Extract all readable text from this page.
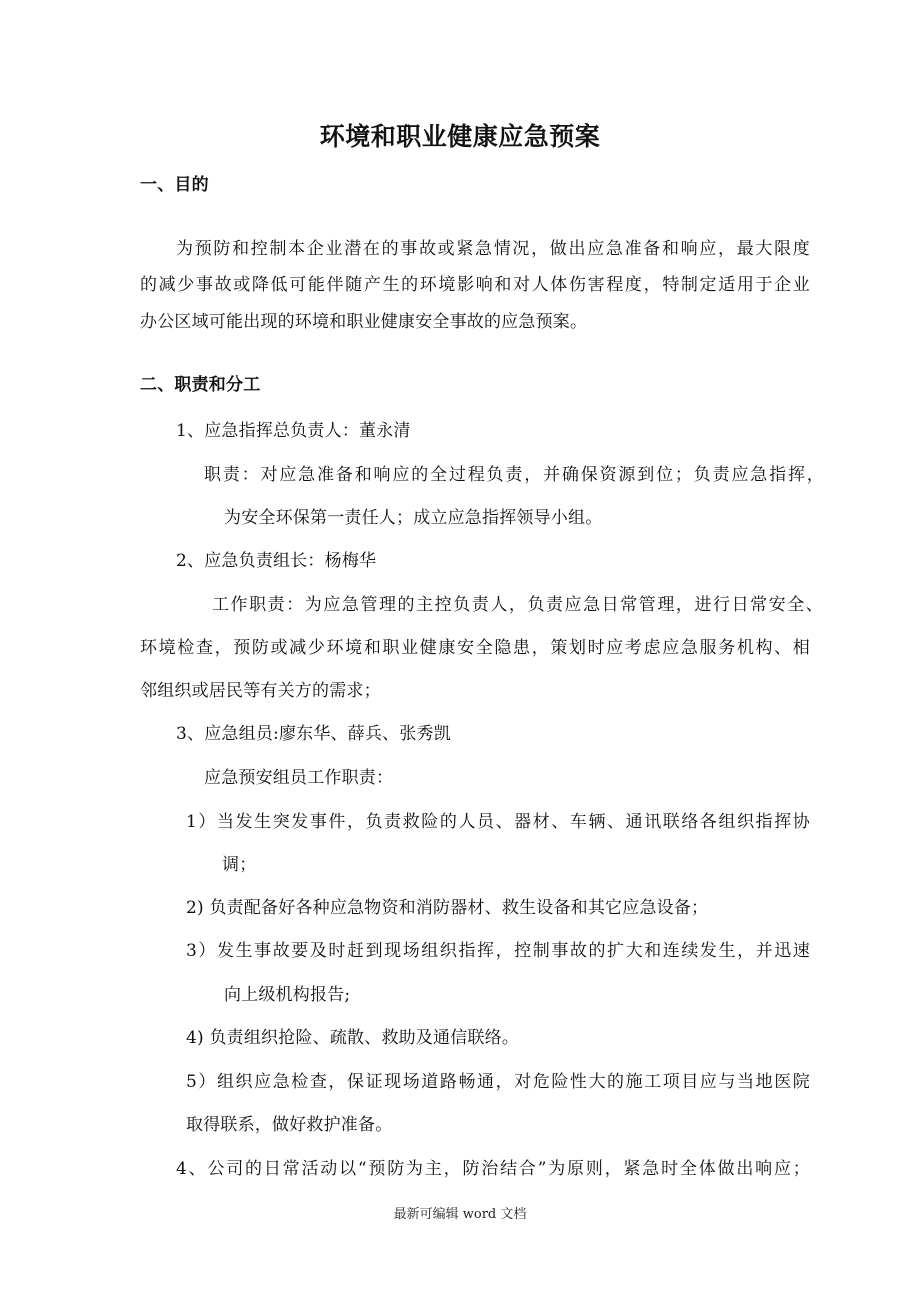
环境和职业健康应急预案
一、目的
为预防和控制本企业潜在的事故或紧急情况，做出应急准备和响应，最大限度
的减少事故或降低可能伴随产生的环境影响和对人体伤害程度，特制定适用于企业
办公区域可能出现的环境和职业健康安全事故的应急预案。
二、职责和分工
1、应急指挥总负责人：董永清
职责：对应急准备和响应的全过程负责，并确保资源到位；负责应急指挥，
为安全环保第一责任人；成立应急指挥领导小组。
2、应急负责组长：杨梅华
工作职责：为应急管理的主控负责人，负责应急日常管理，进行日常安全、
环境检查，预防或减少环境和职业健康安全隐患，策划时应考虑应急服务机构、相
邻组织或居民等有关方的需求；
3、应急组员:廖东华、薛兵、张秀凯
应急预安组员工作职责：
1）当发生突发事件，负责救险的人员、器材、车辆、通讯联络各组织指挥协
调；
2) 负责配备好各种应急物资和消防器材、救生设备和其它应急设备；
3）发生事故要及时赶到现场组织指挥，控制事故的扩大和连续发生，并迅速
向上级机构报告;
4) 负责组织抢险、疏散、救助及通信联络。
5）组织应急检查，保证现场道路畅通，对危险性大的施工项目应与当地医院
取得联系，做好救护准备。
4、公司的日常活动以“预防为主，防治结合”为原则，紧急时全体做出响应；
最新可编辑 word 文档
